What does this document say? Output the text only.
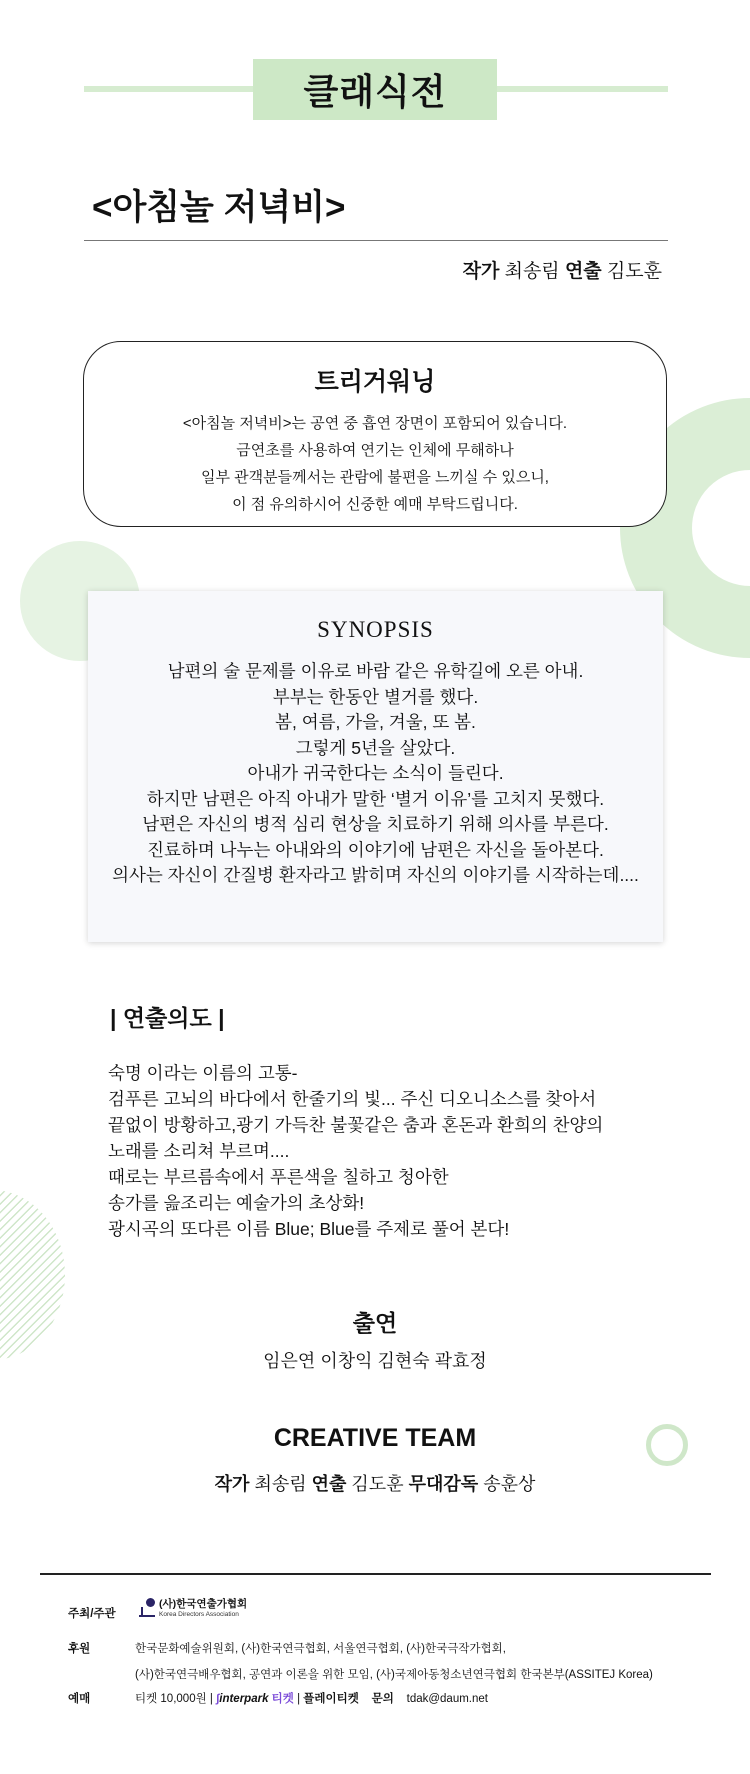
클래식전
<아침놀 저녁비>
작가 최송림 연출 김도훈
트리거워닝

<아침놀 저녁비>는 공연 중 흡연 장면이 포함되어 있습니다.

금연초를 사용하여 연기는 인체에 무해하나

일부 관객분들께서는 관람에 불편을 느끼실 수 있으니,

이 점 유의하시어 신중한 예매 부탁드립니다.

SYNOPSIS

남편의 술 문제를 이유로 바람 같은 유학길에 오른 아내.

부부는 한동안 별거를 했다.

봄, 여름, 가을, 겨울, 또 봄.

그렇게 5년을 살았다.

아내가 귀국한다는 소식이 들린다.

하지만 남편은 아직 아내가 말한 ‘별거 이유’를 고치지 못했다.

남편은 자신의 병적 심리 현상을 치료하기 위해 의사를 부른다.

진료하며 나누는 아내와의 이야기에 남편은 자신을 돌아본다.

의사는 자신이 간질병 환자라고 밝히며 자신의 이야기를 시작하는데....

| 연출의도 |

숙명 이라는 이름의 고통-

검푸른 고뇌의 바다에서 한줄기의 빛... 주신 디오니소스를 찾아서

끝없이 방황하고,광기 가득찬 불꽃같은 춤과 혼돈과 환희의 찬양의

노래를 소리쳐 부르며....

때로는 부르름속에서 푸른색을 칠하고 청아한

송가를 읊조리는 예술가의 초상화!

광시곡의 또다른 이름 Blue; Blue를 주제로 풀어 본다!

출연
임은연 이창익 김현숙 곽효정
CREATIVE TEAM
작가 최송림 연출 김도훈 무대감독 송훈상
주최/주관
(사)한국연출가협회
Korea Directors Association
후원	한국문화예술위원회, (사)한국연극협회, 서울연극협회, (사)한국극작가협회,
(사)한국연극배우협회, 공연과 이론을 위한 모임, (사)국제아동청소년연극협회 한국본부(ASSITEJ Korea)
예매	티켓 10,000원 | ∫interpark 티켓 | 플레이티켓 문의 tdak@daum.net
